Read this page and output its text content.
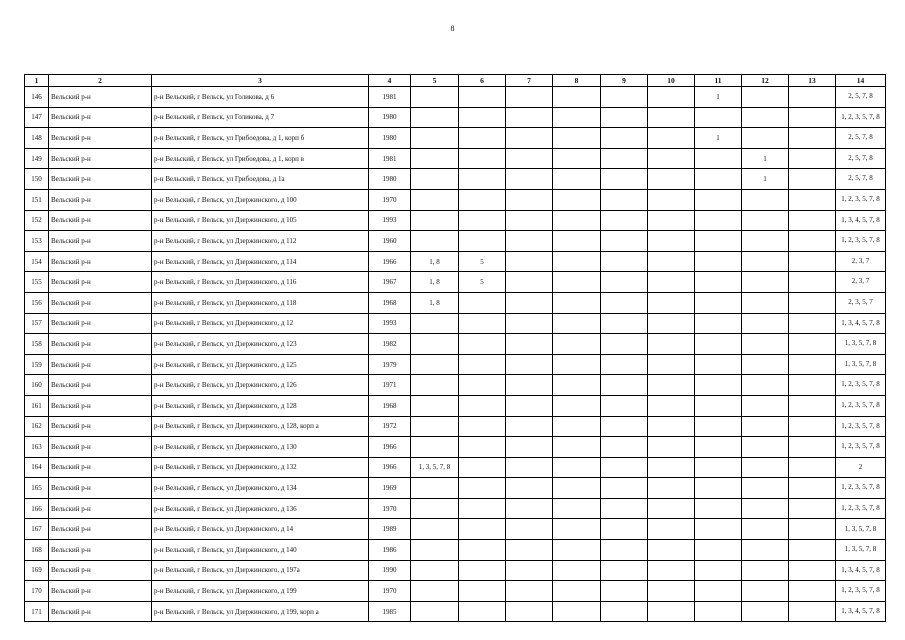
8
1	2	3	4	5	6	7	8	9	10	11	12	13	14
146	Вельский р-н	р-н Вельский, г Вельск, ул Голикова, д 6	1981							1			2, 5, 7, 8
147	Вельский р-н	р-н Вельский, г Вельск, ул Голикова, д 7	1980										1, 2, 3, 5, 7, 8
148	Вельский р-н	р-н Вельский, г Вельск, ул Грибоедова, д 1, корп б	1980							1			2, 5, 7, 8
149	Вельский р-н	р-н Вельский, г Вельск, ул Грибоедова, д 1, корп в	1981								1		2, 5, 7, 8
150	Вельский р-н	р-н Вельский, г Вельск, ул Грибоедова, д 1а	1980								1		2, 5, 7, 8
151	Вельский р-н	р-н Вельский, г Вельск, ул Дзержинского, д 100	1970										1, 2, 3, 5, 7, 8
152	Вельский р-н	р-н Вельский, г Вельск, ул Дзержинского, д 105	1993										1, 3, 4, 5, 7, 8
153	Вельский р-н	р-н Вельский, г Вельск, ул Дзержинского, д 112	1960										1, 2, 3, 5, 7, 8
154	Вельский р-н	р-н Вельский, г Вельск, ул Дзержинского, д 114	1966	1, 8	5								2, 3, 7
155	Вельский р-н	р-н Вельский, г Вельск, ул Дзержинского, д 116	1967	1, 8	5								2, 3, 7
156	Вельский р-н	р-н Вельский, г Вельск, ул Дзержинского, д 118	1968	1, 8									2, 3, 5, 7
157	Вельский р-н	р-н Вельский, г Вельск, ул Дзержинского, д 12	1993										1, 3, 4, 5, 7, 8
158	Вельский р-н	р-н Вельский, г Вельск, ул Дзержинского, д 123	1982										1, 3, 5, 7, 8
159	Вельский р-н	р-н Вельский, г Вельск, ул Дзержинского, д 125	1979										1, 3, 5, 7, 8
160	Вельский р-н	р-н Вельский, г Вельск, ул Дзержинского, д 126	1971										1, 2, 3, 5, 7, 8
161	Вельский р-н	р-н Вельский, г Вельск, ул Дзержинского, д 128	1968										1, 2, 3, 5, 7, 8
162	Вельский р-н	р-н Вельский, г Вельск, ул Дзержинского, д 128, корп а	1972										1, 2, 3, 5, 7, 8
163	Вельский р-н	р-н Вельский, г Вельск, ул Дзержинского, д 130	1966										1, 2, 3, 5, 7, 8
164	Вельский р-н	р-н Вельский, г Вельск, ул Дзержинского, д 132	1966	1, 3, 5, 7, 8									2
165	Вельский р-н	р-н Вельский, г Вельск, ул Дзержинского, д 134	1969										1, 2, 3, 5, 7, 8
166	Вельский р-н	р-н Вельский, г Вельск, ул Дзержинского, д 136	1970										1, 2, 3, 5, 7, 8
167	Вельский р-н	р-н Вельский, г Вельск, ул Дзержинского, д 14	1989										1, 3, 5, 7, 8
168	Вельский р-н	р-н Вельский, г Вельск, ул Дзержинского, д 140	1986										1, 3, 5, 7, 8
169	Вельский р-н	р-н Вельский, г Вельск, ул Дзержинского, д 197а	1990										1, 3, 4, 5, 7, 8
170	Вельский р-н	р-н Вельский, г Вельск, ул Дзержинского, д 199	1970										1, 2, 3, 5, 7, 8
171	Вельский р-н	р-н Вельский, г Вельск, ул Дзержинского, д 199, корп а	1985										1, 3, 4, 5, 7, 8
